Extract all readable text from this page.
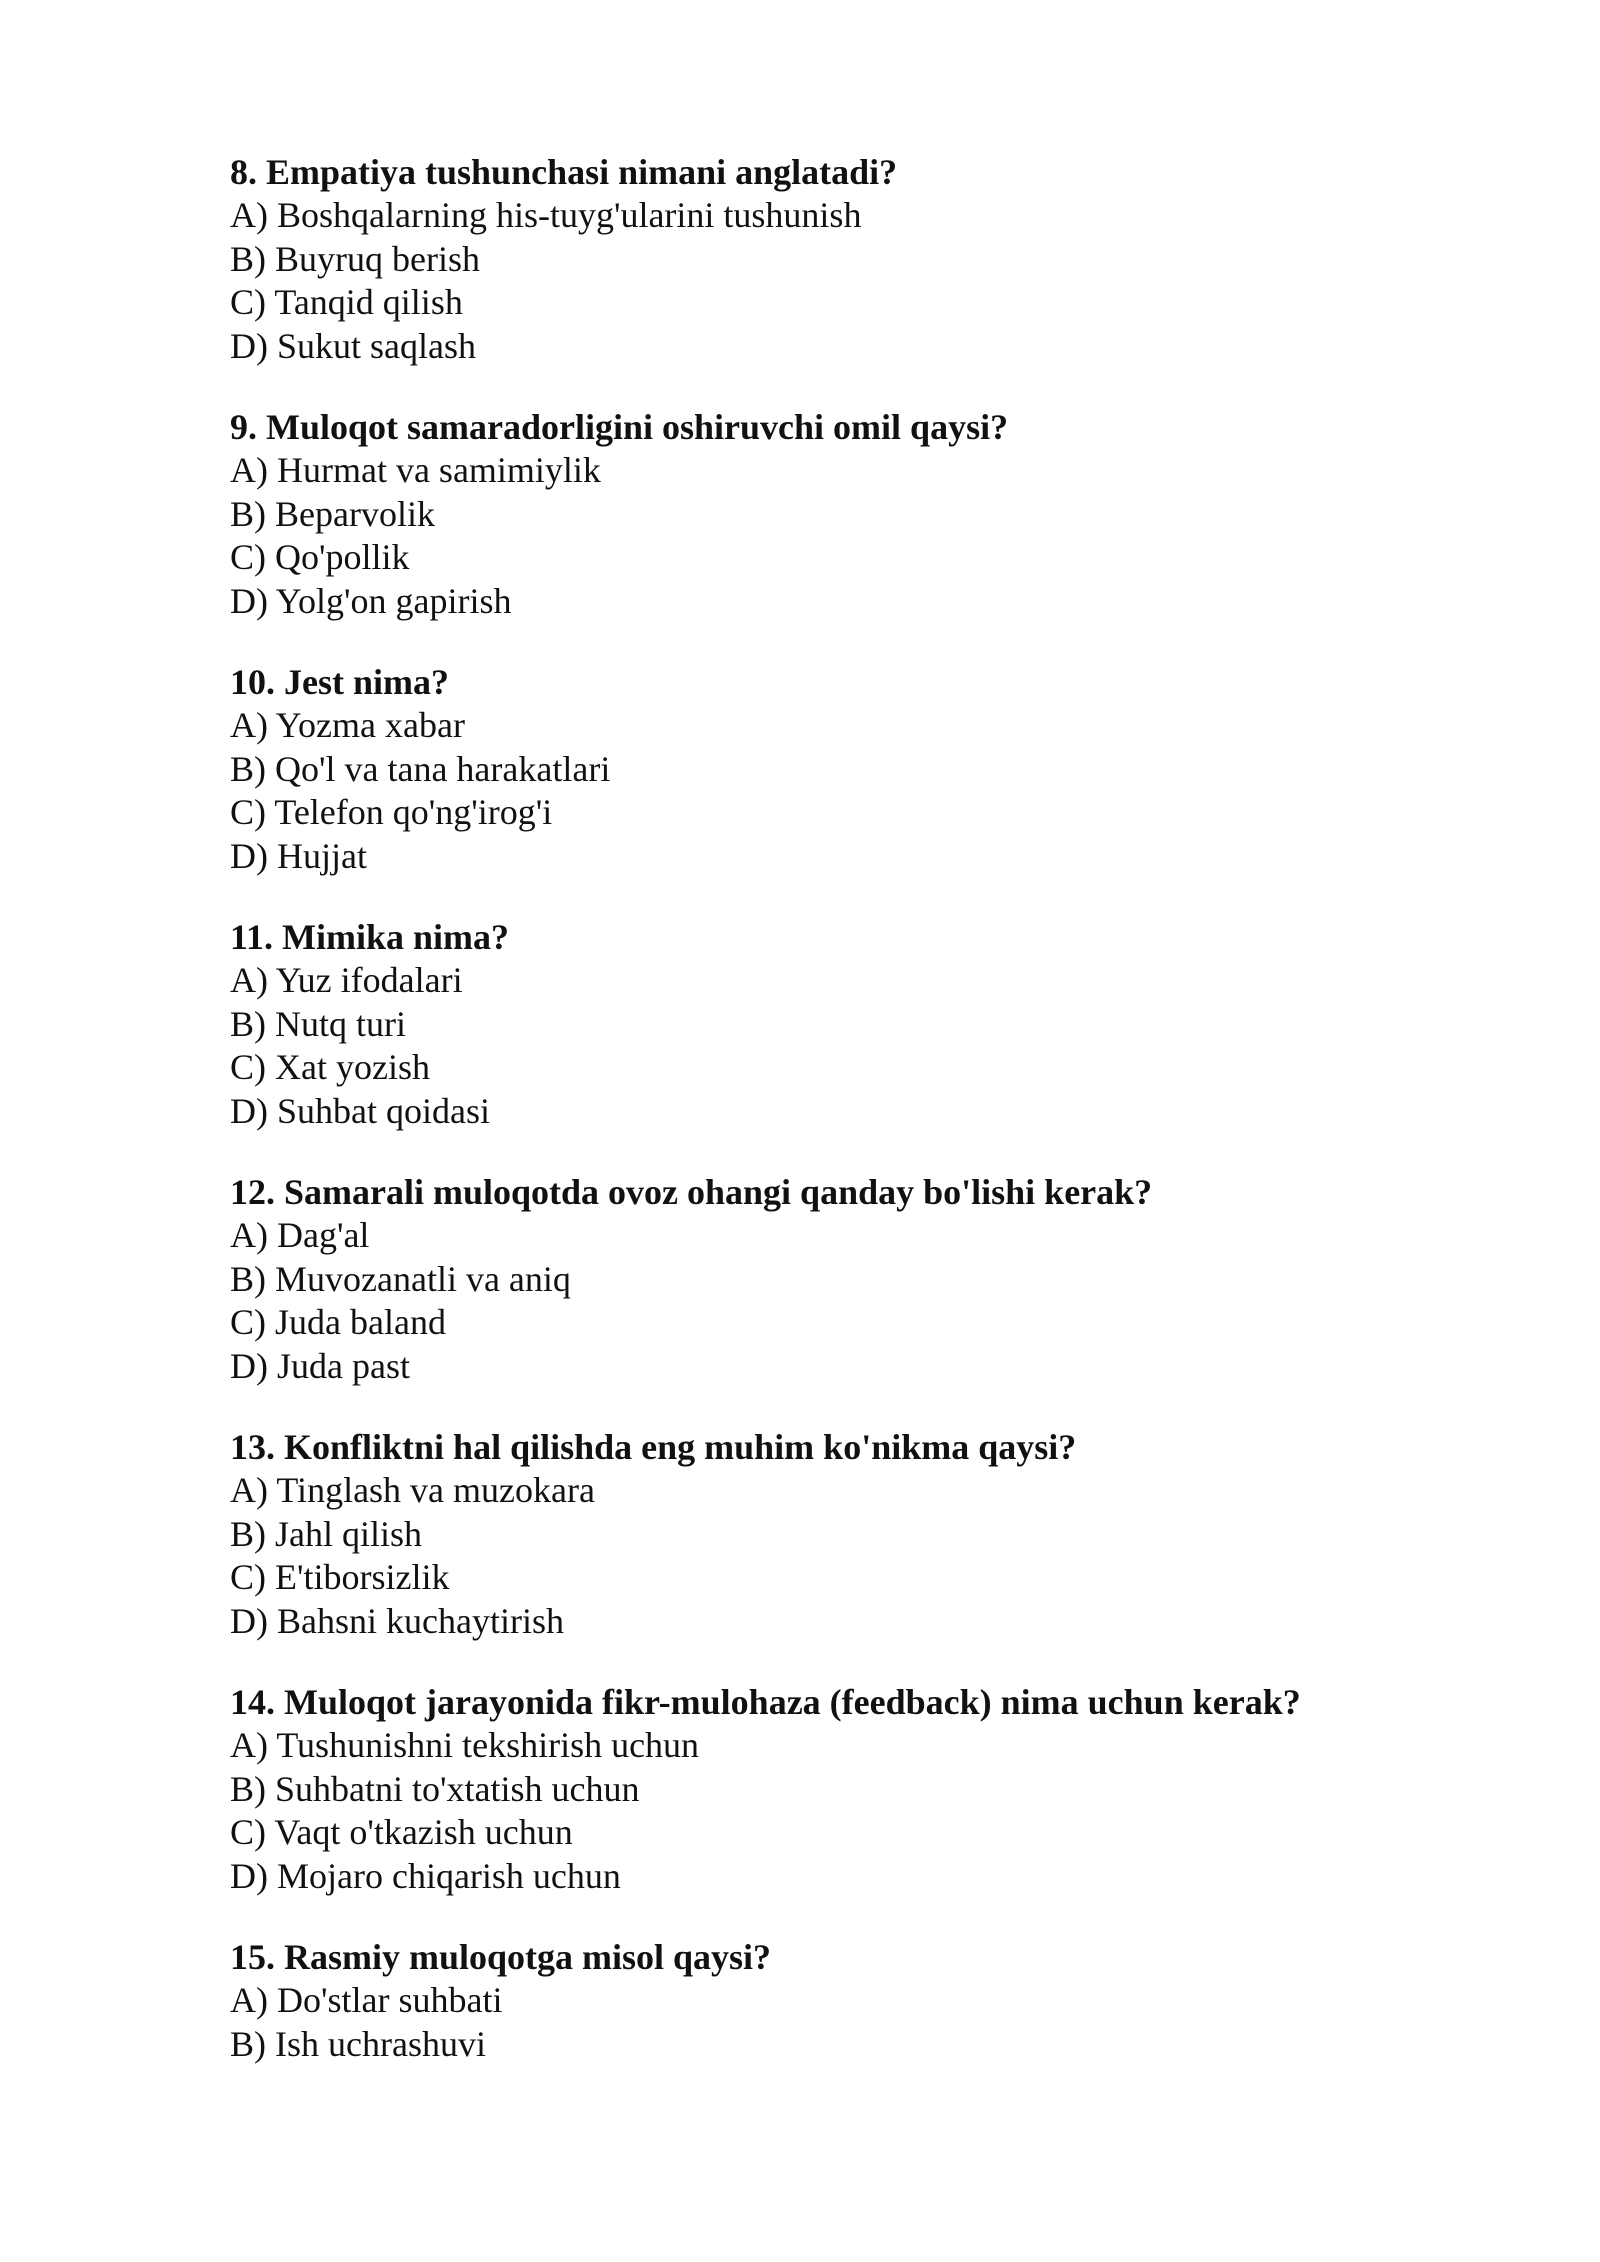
8. Empatiya tushunchasi nimani anglatadi?
A) Boshqalarning his-tuyg'ularini tushunish
B) Buyruq berish
C) Tanqid qilish
D) Sukut saqlash
9. Muloqot samaradorligini oshiruvchi omil qaysi?
A) Hurmat va samimiylik
B) Beparvolik
C) Qo'pollik
D) Yolg'on gapirish
10. Jest nima?
A) Yozma xabar
B) Qo'l va tana harakatlari
C) Telefon qo'ng'irog'i
D) Hujjat
11. Mimika nima?
A) Yuz ifodalari
B) Nutq turi
C) Xat yozish
D) Suhbat qoidasi
12. Samarali muloqotda ovoz ohangi qanday bo'lishi kerak?
A) Dag'al
B) Muvozanatli va aniq
C) Juda baland
D) Juda past
13. Konfliktni hal qilishda eng muhim ko'nikma qaysi?
A) Tinglash va muzokara
B) Jahl qilish
C) E'tiborsizlik
D) Bahsni kuchaytirish
14. Muloqot jarayonida fikr-mulohaza (feedback) nima uchun kerak?
A) Tushunishni tekshirish uchun
B) Suhbatni to'xtatish uchun
C) Vaqt o'tkazish uchun
D) Mojaro chiqarish uchun
15. Rasmiy muloqotga misol qaysi?
A) Do'stlar suhbati
B) Ish uchrashuvi
